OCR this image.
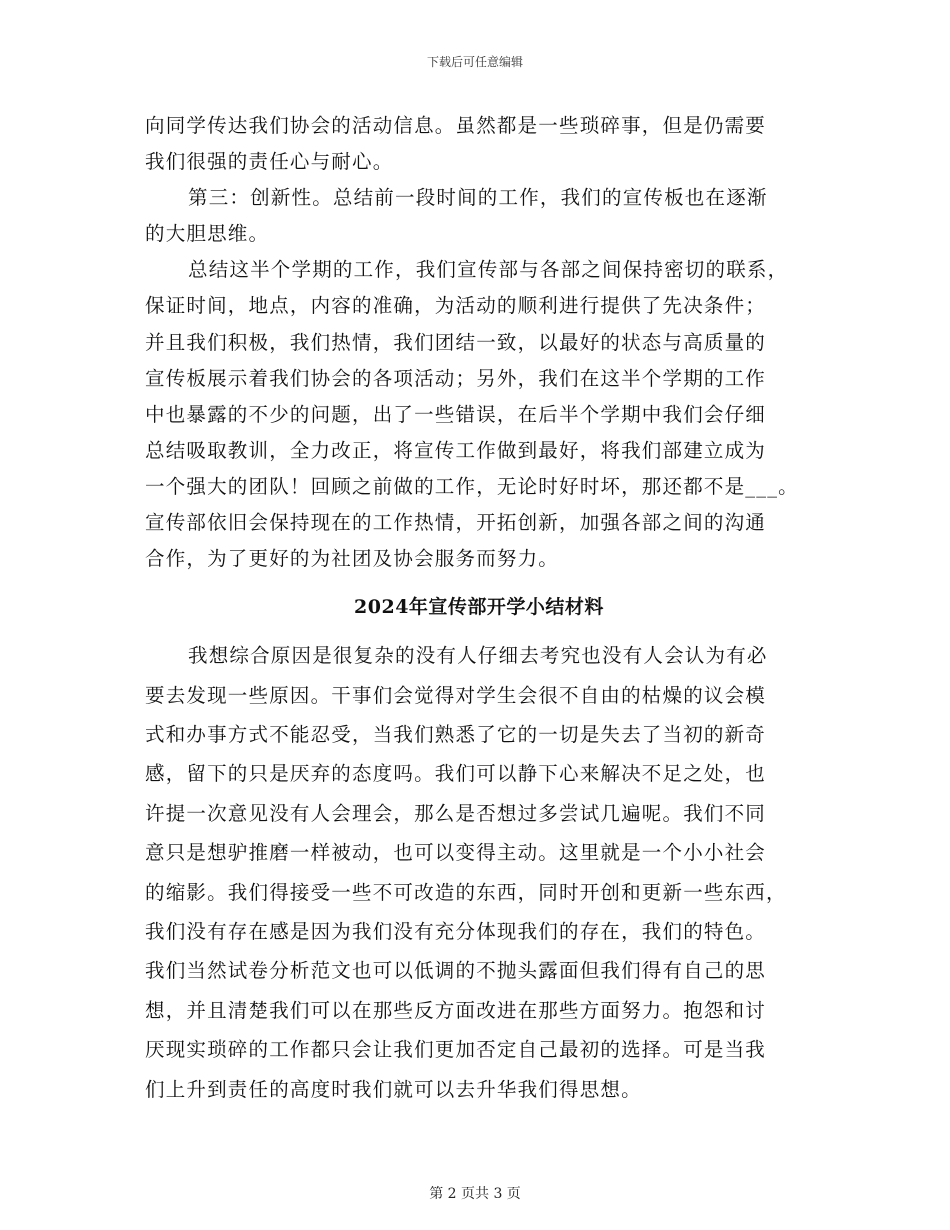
下载后可任意编辑
向同学传达我们协会的活动信息。虽然都是一些琐碎事，但是仍需要
我们很强的责任心与耐心。
第三：创新性。总结前一段时间的工作，我们的宣传板也在逐渐
的大胆思维。
总结这半个学期的工作，我们宣传部与各部之间保持密切的联系，
保证时间，地点，内容的准确，为活动的顺利进行提供了先决条件；
并且我们积极，我们热情，我们团结一致，以最好的状态与高质量的
宣传板展示着我们协会的各项活动；另外，我们在这半个学期的工作
中也暴露的不少的问题，出了一些错误，在后半个学期中我们会仔细
总结吸取教训，全力改正，将宣传工作做到最好，将我们部建立成为
一个强大的团队！回顾之前做的工作，无论时好时坏，那还都不是___。
宣传部依旧会保持现在的工作热情，开拓创新，加强各部之间的沟通
合作，为了更好的为社团及协会服务而努力。
2024年宣传部开学小结材料
我想综合原因是很复杂的没有人仔细去考究也没有人会认为有必
要去发现一些原因。干事们会觉得对学生会很不自由的枯燥的议会模
式和办事方式不能忍受，当我们熟悉了它的一切是失去了当初的新奇
感，留下的只是厌弃的态度吗。我们可以静下心来解决不足之处，也
许提一次意见没有人会理会，那么是否想过多尝试几遍呢。我们不同
意只是想驴推磨一样被动，也可以变得主动。这里就是一个小小社会
的缩影。我们得接受一些不可改造的东西，同时开创和更新一些东西，
我们没有存在感是因为我们没有充分体现我们的存在，我们的特色。
我们当然试卷分析范文也可以低调的不抛头露面但我们得有自己的思
想，并且清楚我们可以在那些反方面改进在那些方面努力。抱怨和讨
厌现实琐碎的工作都只会让我们更加否定自己最初的选择。可是当我
们上升到责任的高度时我们就可以去升华我们得思想。
第 2 页共 3 页
